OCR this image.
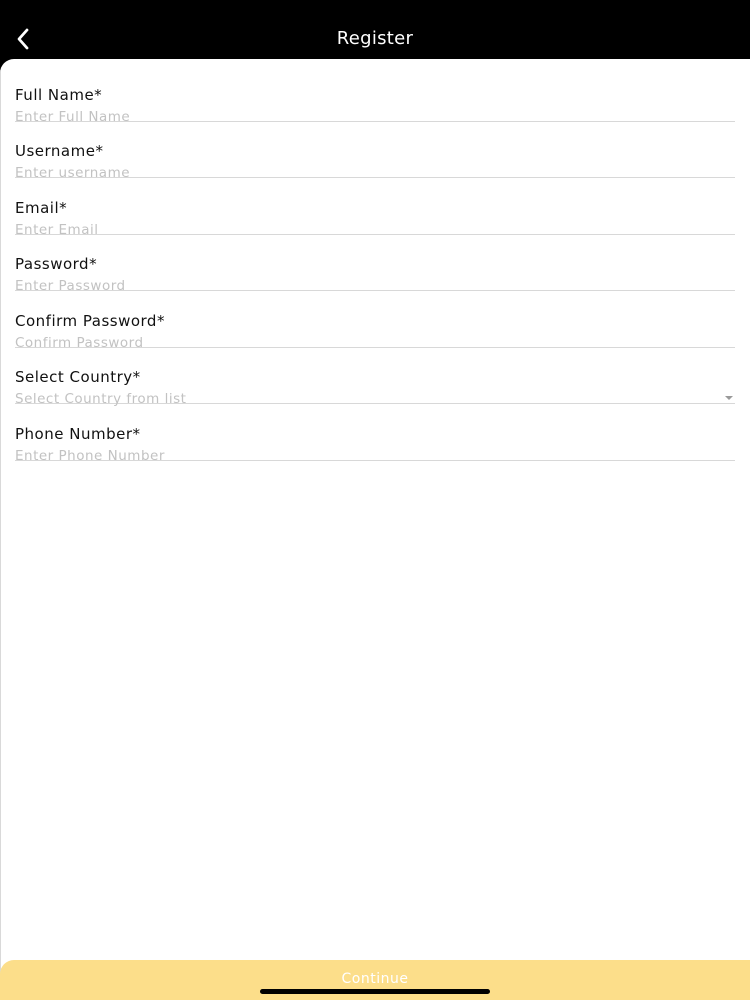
Register
Full Name*
Enter Full Name
Username*
Enter username
Email*
Enter Email
Password*
Confirm Password*
Select Country*
Select Country from list
Phone Number*
Enter Phone Number
Continue
